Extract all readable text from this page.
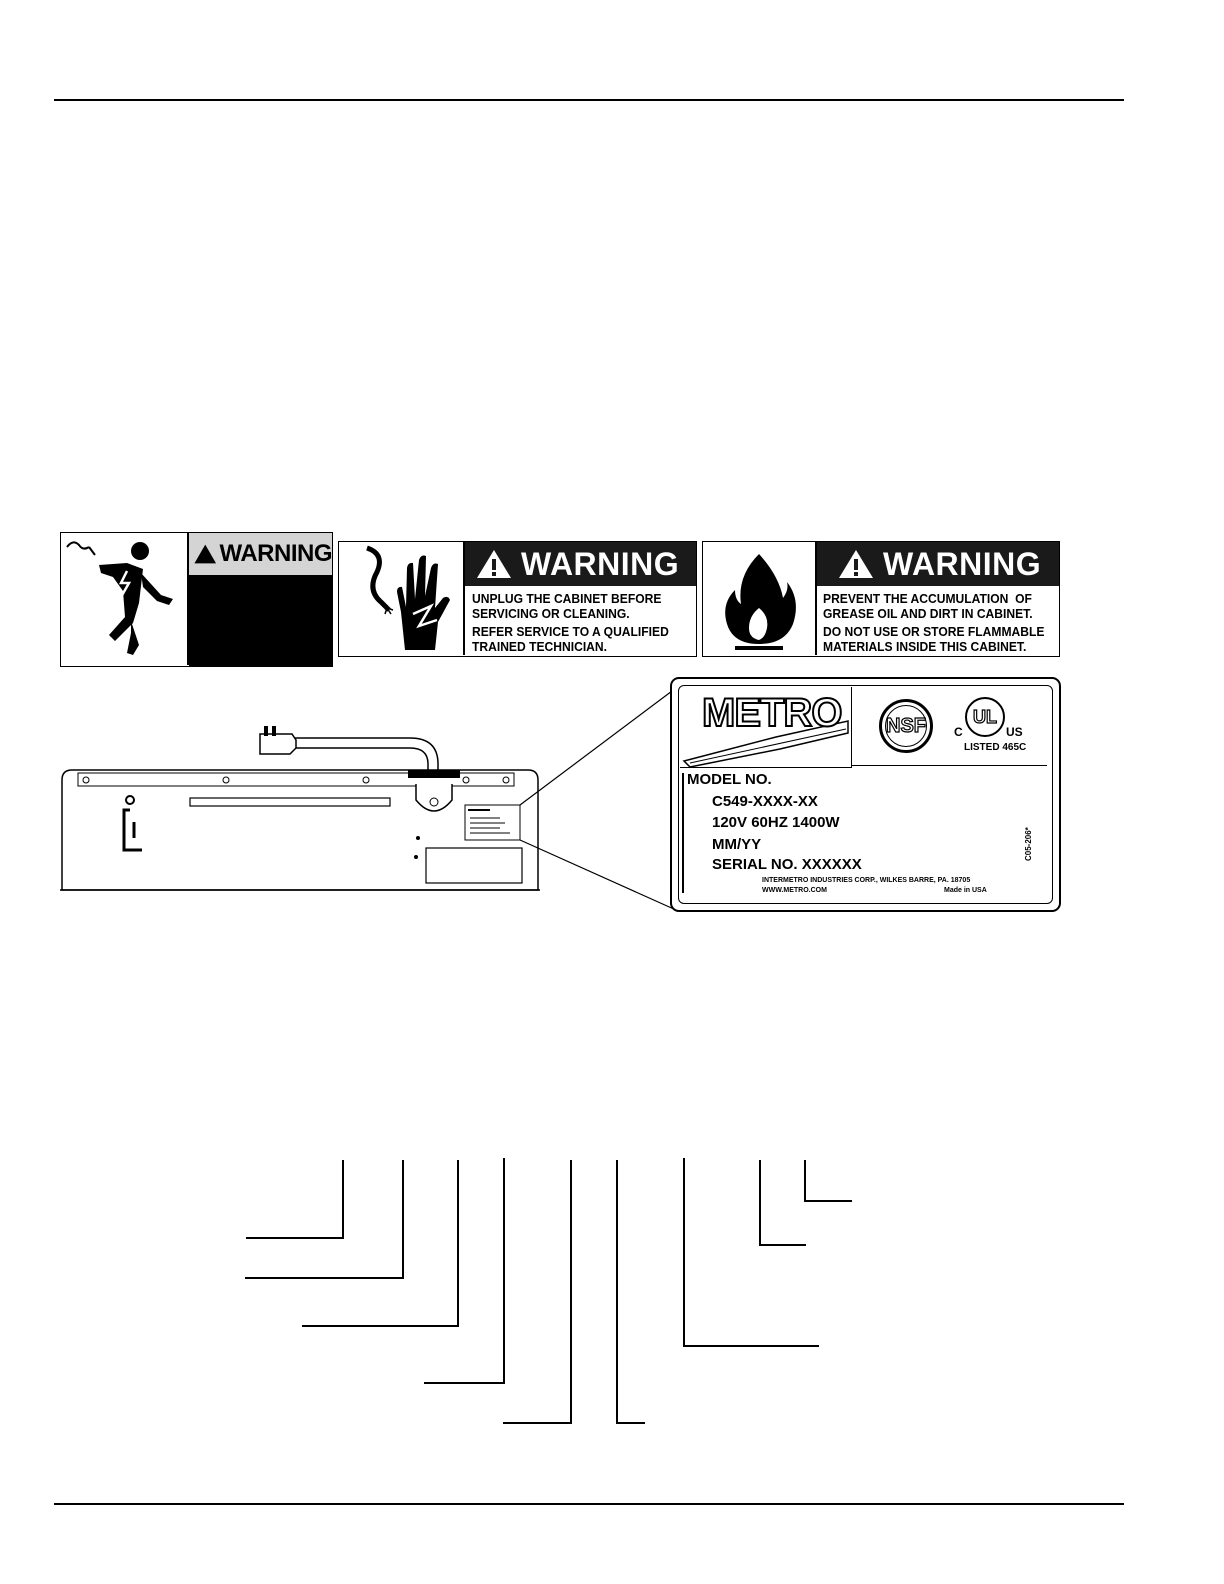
WARNING	WARNING
UNPLUG THE CABINET BEFORE
SERVICING OR CLEANING.
REFER SERVICE TO A QUALIFIED
TRAINED TECHNICIAN.
WARNING
PREVENT THE ACCUMULATION  OF
GREASE OIL AND DIRT IN CABINET.
DO NOT USE OR STORE FLAMMABLE
MATERIALS INSIDE THIS CABINET.
METRO NSF	UL
C	US
LISTED 465C
MODEL NO.
C549-XXXX-XX
120V 60HZ 1400W
MM/YY
SERIAL NO. XXXXXX
INTERMETRO INDUSTRIES CORP., WILKES BARRE, PA. 18705
WWW.METRO.COM	Made in USA
C05-206*
